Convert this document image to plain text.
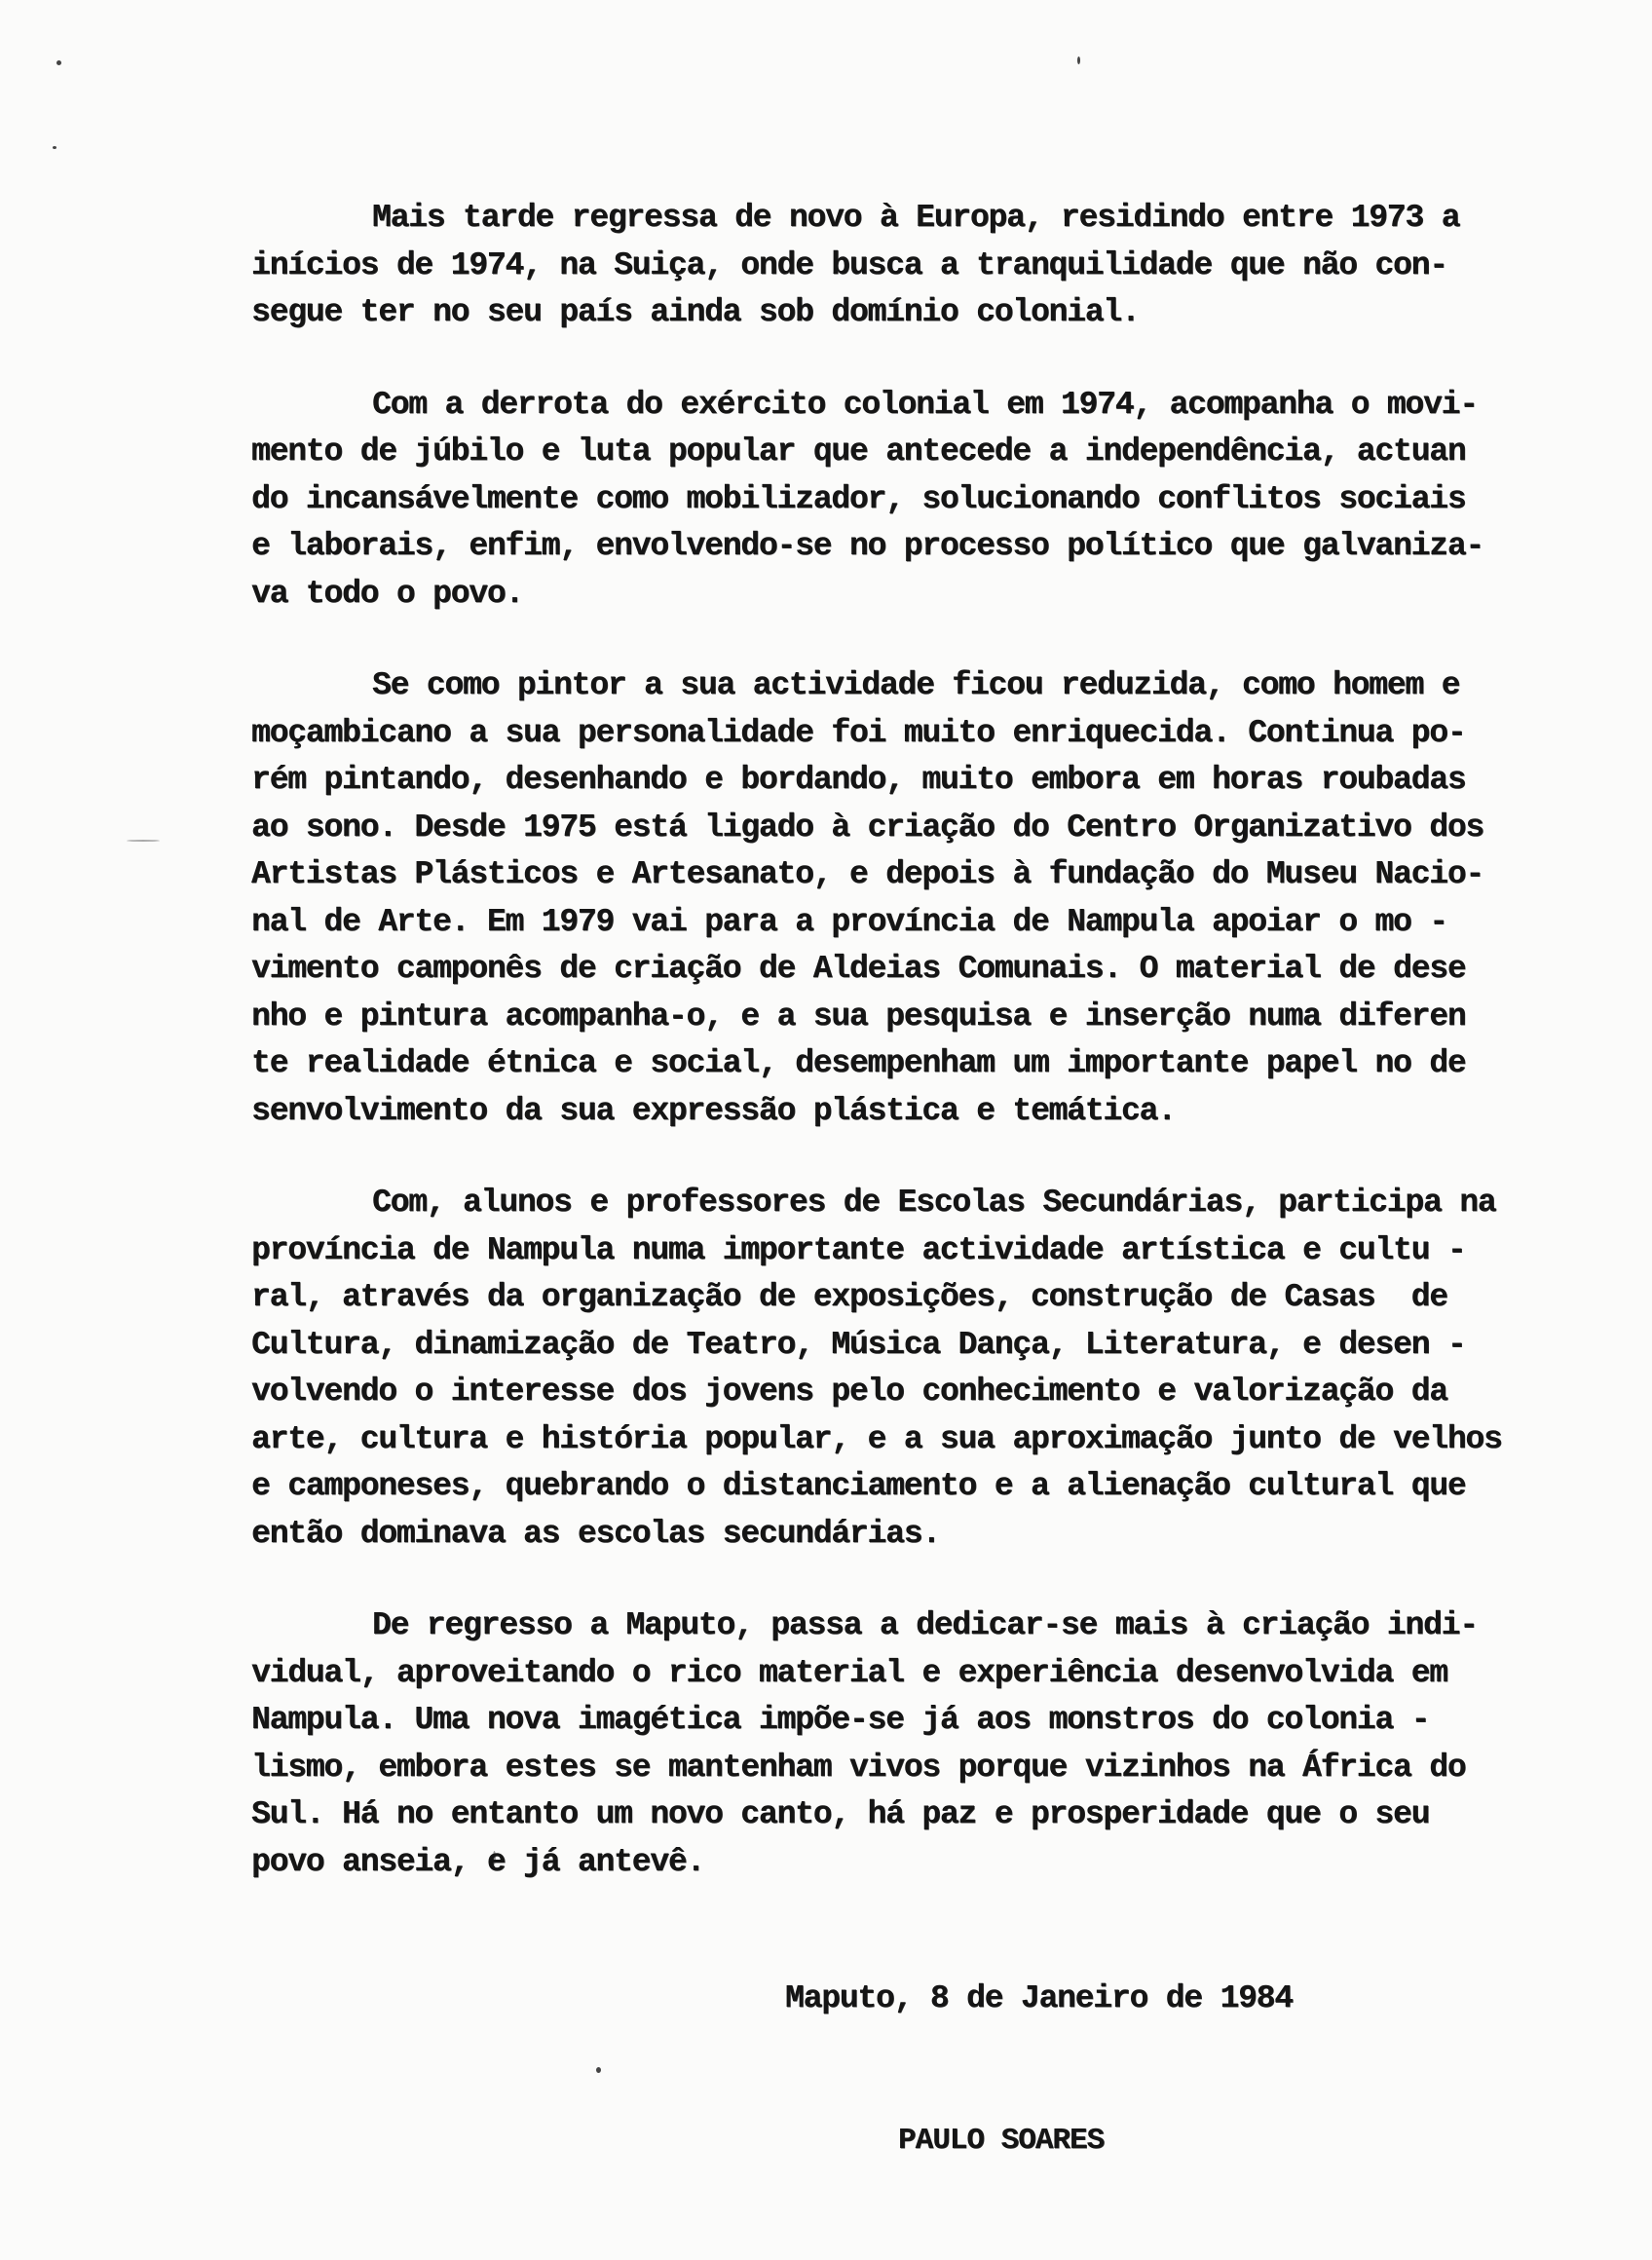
Mais tarde regressa de novo à Europa, residindo entre 1973 a
inícios de 1974, na Suiça, onde busca a tranquilidade que não con-
segue ter no seu país ainda sob domínio colonial.

Com a derrota do exército colonial em 1974, acompanha o movi-
mento de júbilo e luta popular que antecede a independência, actuan
do incansávelmente como mobilizador, solucionando conflitos sociais
e laborais, enfim, envolvendo-se no processo político que galvaniza-
va todo o povo.

Se como pintor a sua actividade ficou reduzida, como homem e
moçambicano a sua personalidade foi muito enriquecida. Continua po-
rém pintando, desenhando e bordando, muito embora em horas roubadas
ao sono. Desde 1975 está ligado à criação do Centro Organizativo dos
Artistas Plásticos e Artesanato, e depois à fundação do Museu Nacio-
nal de Arte. Em 1979 vai para a província de Nampula apoiar o mo -
vimento camponês de criação de Aldeias Comunais. O material de dese
nho e pintura acompanha-o, e a sua pesquisa e inserção numa diferen
te realidade étnica e social, desempenham um importante papel no de
senvolvimento da sua expressão plástica e temática.

Com, alunos e professores de Escolas Secundárias, participa na
província de Nampula numa importante actividade artística e cultu -
ral, através da organização de exposições, construção de Casas  de
Cultura, dinamização de Teatro, Música Dança, Literatura, e desen -
volvendo o interesse dos jovens pelo conhecimento e valorização da
arte, cultura e história popular, e a sua aproximação junto de velhos
e camponeses, quebrando o distanciamento e a alienação cultural que
então dominava as escolas secundárias.

De regresso a Maputo, passa a dedicar-se mais à criação indi-
vidual, aproveitando o rico material e experiência desenvolvida em
Nampula. Uma nova imagética impõe-se já aos monstros do colonia -
lismo, embora estes se mantenham vivos porque vizinhos na África do
Sul. Há no entanto um novo canto, há paz e prosperidade que o seu
povo anseia, e já antevê.

Maputo, 8 de Janeiro de 1984
PAULO SOARES
